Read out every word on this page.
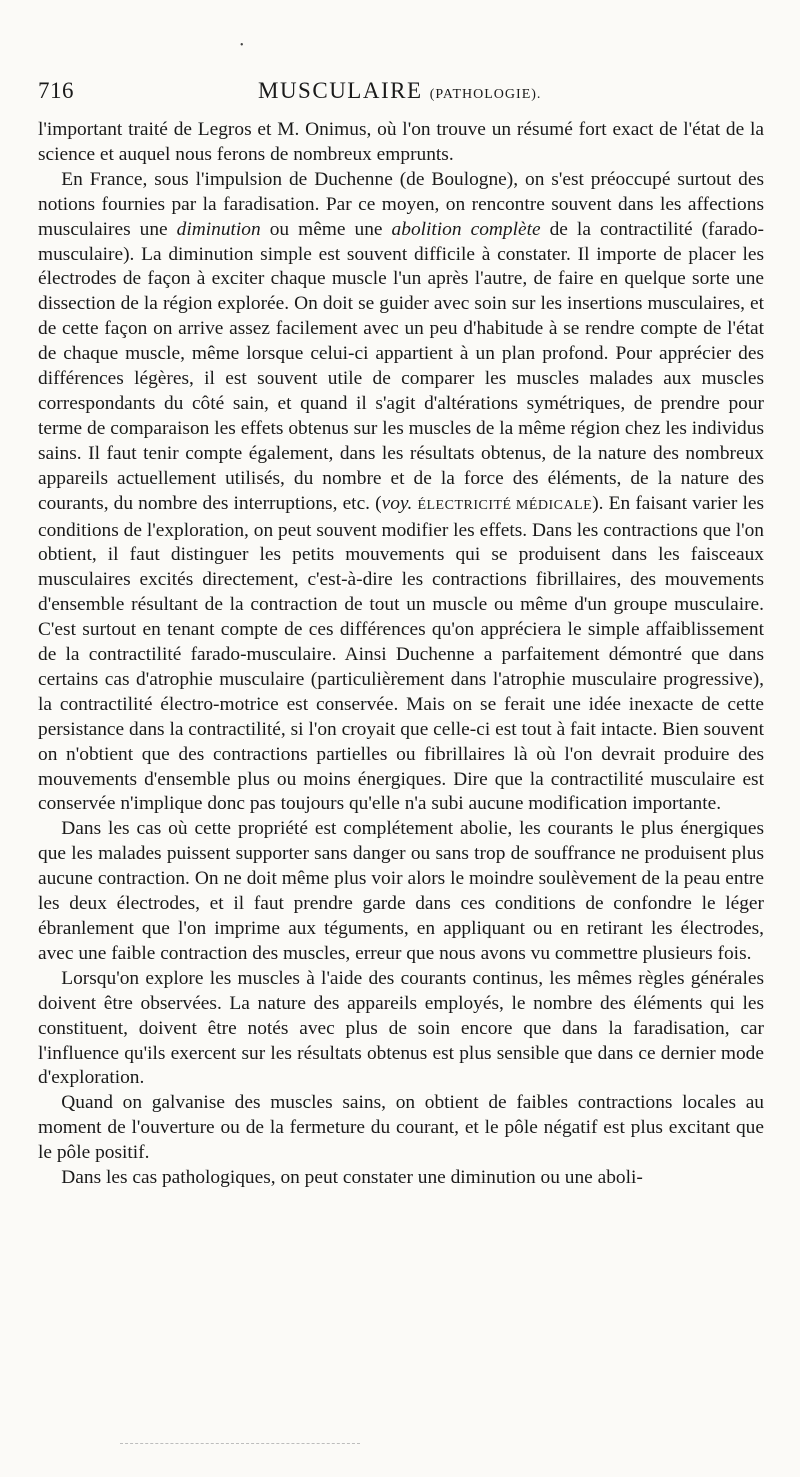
•
716	MUSCULAIRE (PATHOLOGIE).

l'important traité de Legros et M. Onimus, où l'on trouve un résumé fort exact de l'état de la science et auquel nous ferons de nombreux emprunts.

En France, sous l'impulsion de Duchenne (de Boulogne), on s'est préoccupé surtout des notions fournies par la faradisation. Par ce moyen, on rencontre souvent dans les affections musculaires une diminution ou même une abolition complète de la contractilité (farado-musculaire). La diminution simple est souvent difficile à constater. Il importe de placer les électrodes de façon à exciter chaque muscle l'un après l'autre, de faire en quelque sorte une dissection de la région explorée. On doit se guider avec soin sur les insertions musculaires, et de cette façon on arrive assez facilement avec un peu d'habitude à se rendre compte de l'état de chaque muscle, même lorsque celui-ci appartient à un plan profond. Pour apprécier des différences légères, il est souvent utile de comparer les muscles malades aux muscles correspondants du côté sain, et quand il s'agit d'altérations symétriques, de prendre pour terme de comparaison les effets obtenus sur les muscles de la même région chez les individus sains. Il faut tenir compte également, dans les résultats obtenus, de la nature des nombreux appareils actuellement utilisés, du nombre et de la force des éléments, de la nature des courants, du nombre des interruptions, etc. (voy. ÉLECTRICITÉ MÉDICALE). En faisant varier les conditions de l'exploration, on peut souvent modifier les effets. Dans les contractions que l'on obtient, il faut distinguer les petits mouvements qui se produisent dans les faisceaux musculaires excités directement, c'est-à-dire les contractions fibrillaires, des mouvements d'ensemble résultant de la contraction de tout un muscle ou même d'un groupe musculaire. C'est surtout en tenant compte de ces différences qu'on appréciera le simple affaiblissement de la contractilité farado-musculaire. Ainsi Duchenne a parfaitement démontré que dans certains cas d'atrophie musculaire (particulièrement dans l'atrophie musculaire progressive), la contractilité électro-motrice est conservée. Mais on se ferait une idée inexacte de cette persistance dans la contractilité, si l'on croyait que celle-ci est tout à fait intacte. Bien souvent on n'obtient que des contractions partielles ou fibrillaires là où l'on devrait produire des mouvements d'ensemble plus ou moins énergiques. Dire que la contractilité musculaire est conservée n'implique donc pas toujours qu'elle n'a subi aucune modification importante.

Dans les cas où cette propriété est complétement abolie, les courants le plus énergiques que les malades puissent supporter sans danger ou sans trop de souffrance ne produisent plus aucune contraction. On ne doit même plus voir alors le moindre soulèvement de la peau entre les deux électrodes, et il faut prendre garde dans ces conditions de confondre le léger ébranlement que l'on imprime aux téguments, en appliquant ou en retirant les électrodes, avec une faible contraction des muscles, erreur que nous avons vu commettre plusieurs fois.

Lorsqu'on explore les muscles à l'aide des courants continus, les mêmes règles générales doivent être observées. La nature des appareils employés, le nombre des éléments qui les constituent, doivent être notés avec plus de soin encore que dans la faradisation, car l'influence qu'ils exercent sur les résultats obtenus est plus sensible que dans ce dernier mode d'exploration.

Quand on galvanise des muscles sains, on obtient de faibles contractions locales au moment de l'ouverture ou de la fermeture du courant, et le pôle négatif est plus excitant que le pôle positif.

Dans les cas pathologiques, on peut constater une diminution ou une aboli-
